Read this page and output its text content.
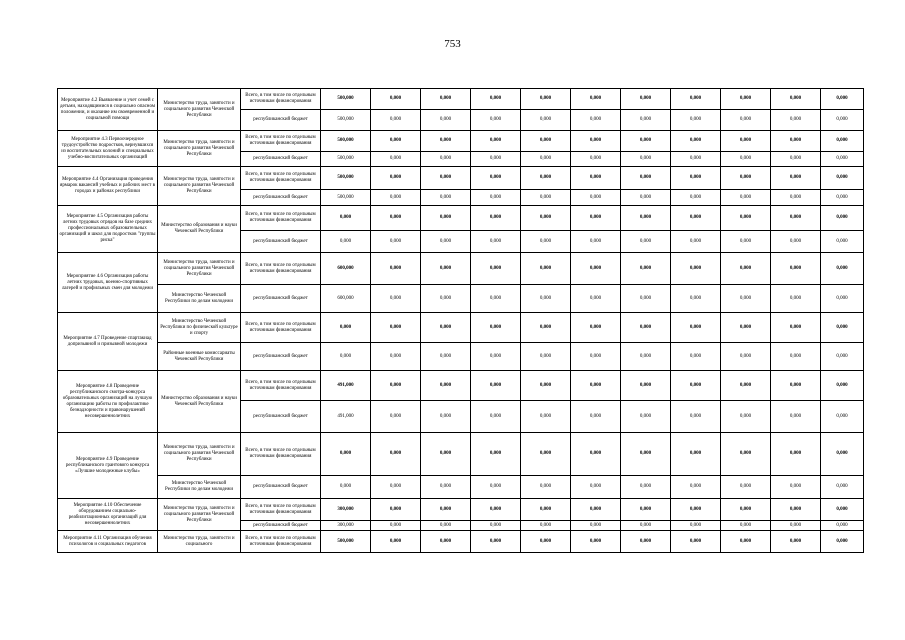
753
Мероприятие 4.2 Выявление и учет семей с детьми, находящимися в социально опасном положении, и оказание им своевременной и социальной помощи	Министерство труда, занятости и социального развития Чеченской Республики	Всего, в том числе по отдельным источникам финансирования	500,000	0,000	0,000	0,000	0,000	0,000	0,000	0,000	0,000	0,000	0,000
		республиканский бюджет	500,000	0,000	0,000	0,000	0,000	0,000	0,000	0,000	0,000	0,000	0,000
Мероприятие 4.3 Первоочередное трудоустройство подростков, вернувшихся из воспитательных колоний и специальных учебно-воспитательных организаций	Министерство труда, занятости и социального развития Чеченской Республики	Всего, в том числе по отдельным источникам финансирования	500,000	0,000	0,000	0,000	0,000	0,000	0,000	0,000	0,000	0,000	0,000
		республиканский бюджет	500,000	0,000	0,000	0,000	0,000	0,000	0,000	0,000	0,000	0,000	0,000
Мероприятие 4.4 Организация проведения ярмарок вакансий учебных и рабочих мест в городах и районах республики	Министерство труда, занятости и социального развития Чеченской Республики	Всего, в том числе по отдельным источникам финансирования	500,000	0,000	0,000	0,000	0,000	0,000	0,000	0,000	0,000	0,000	0,000
		республиканский бюджет	500,000	0,000	0,000	0,000	0,000	0,000	0,000	0,000	0,000	0,000	0,000
Мероприятие 4.5 Организация работы летних трудовых отрядов на базе средних профессиональных образовательных организаций и школ для подростков "группы риска"	Министерство образования и науки Чеченской Республики	Всего, в том числе по отдельным источникам финансирования	0,000	0,000	0,000	0,000	0,000	0,000	0,000	0,000	0,000	0,000	0,000
		республиканский бюджет	0,000	0,000	0,000	0,000	0,000	0,000	0,000	0,000	0,000	0,000	0,000
Мероприятие 4.6 Организация работы летних трудовых, военно-спортивных лагерей и профильных смен для молодежи	Министерство труда, занятости и социального развития Чеченской Республики	Всего, в том числе по отдельным источникам финансирования	600,000	0,000	0,000	0,000	0,000	0,000	0,000	0,000	0,000	0,000	0,000
	Министерство Чеченской Республики по делам молодежи	республиканский бюджет	600,000	0,000	0,000	0,000	0,000	0,000	0,000	0,000	0,000	0,000	0,000
Мероприятие 4.7 Проведение спартакиад допризывной и призывной молодежи	Министерство Чеченской Республики по физической культуре и спорту	Всего, в том числе по отдельным источникам финансирования	0,000	0,000	0,000	0,000	0,000	0,000	0,000	0,000	0,000	0,000	0,000
	Районные военные комиссариаты Чеченской Республики	республиканский бюджет	0,000	0,000	0,000	0,000	0,000	0,000	0,000	0,000	0,000	0,000	0,000
Мероприятие 4.8 Проведение республиканского смотра-конкурса образовательных организаций на лучшую организацию работы по профилактике безнадзорности и правонарушений несовершеннолетних	Министерство образования и науки Чеченской Республики	Всего, в том числе по отдельным источникам финансирования	491,000	0,000	0,000	0,000	0,000	0,000	0,000	0,000	0,000	0,000	0,000
		республиканский бюджет	491,000	0,000	0,000	0,000	0,000	0,000	0,000	0,000	0,000	0,000	0,000
Мероприятие 4.9 Проведение республиканского грантового конкурса «Лучшие молодежные клубы»	Министерство труда, занятости и социального развития Чеченской Республики	Всего, в том числе по отдельным источникам финансирования	0,000	0,000	0,000	0,000	0,000	0,000	0,000	0,000	0,000	0,000	0,000
	Министерство Чеченской Республики по делам молодежи	республиканский бюджет	0,000	0,000	0,000	0,000	0,000	0,000	0,000	0,000	0,000	0,000	0,000
Мероприятие 4.10 Обеспечение оборудованием социально-реабилитационных организаций для несовершеннолетних	Министерство труда, занятости и социального развития Чеченской Республики	Всего, в том числе по отдельным источникам финансирования	300,000	0,000	0,000	0,000	0,000	0,000	0,000	0,000	0,000	0,000	0,000
		республиканский бюджет	300,000	0,000	0,000	0,000	0,000	0,000	0,000	0,000	0,000	0,000	0,000
Мероприятие 4.11 Организация обучения психологов и социальных педагогов	Министерство труда, занятости и социального	Всего, в том числе по отдельным источникам финансирования	500,000	0,000	0,000	0,000	0,000	0,000	0,000	0,000	0,000	0,000	0,000
